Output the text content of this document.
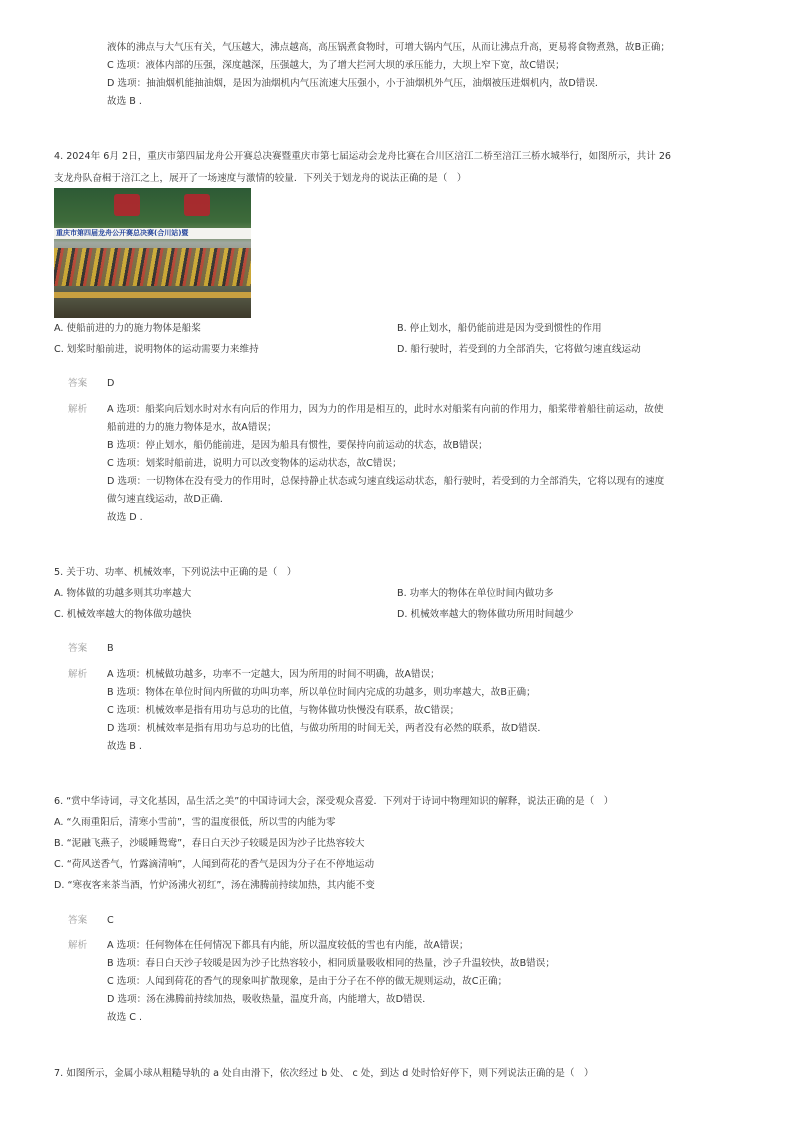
液体的沸点与大气压有关，气压越大，沸点越高，高压锅煮食物时，可增大锅内气压，从而让沸点升高，更易将食物煮熟，故B正确；
C 选项：液体内部的压强，深度越深，压强越大，为了增大拦河大坝的承压能力，大坝上窄下宽，故C错误；
D 选项：抽油烟机能抽油烟，是因为油烟机内气压流速大压强小，小于油烟机外气压，油烟被压进烟机内，故D错误．
故选 B .
4. 2024年 6月 2日，重庆市第四届龙舟公开赛总决赛暨重庆市第七届运动会龙舟比赛在合川区涪江二桥至涪江三桥水城举行，如图所示，共计 26
支龙舟队奋楫于涪江之上，展开了一场速度与激情的较量．下列关于划龙舟的说法正确的是（　）
重庆市第四届龙舟公开赛总决赛(合川站)暨
A. 使船前进的力的施力物体是船桨	B. 停止划水，船仍能前进是因为受到惯性的作用
C. 划桨时船前进，说明物体的运动需要力来维持	D. 船行驶时，若受到的力全部消失，它将做匀速直线运动
答案 D
解析 A 选项：船桨向后划水时对水有向后的作用力，因为力的作用是相互的，此时水对船桨有向前的作用力，船桨带着船往前运动，故使
船前进的力的施力物体是水，故A错误；
B 选项：停止划水，船仍能前进，是因为船具有惯性，要保持向前运动的状态，故B错误；
C 选项：划桨时船前进，说明力可以改变物体的运动状态，故C错误；
D 选项：一切物体在没有受力的作用时，总保持静止状态或匀速直线运动状态，船行驶时，若受到的力全部消失，它将以现有的速度
做匀速直线运动，故D正确．
故选 D .
5. 关于功、功率、机械效率，下列说法中正确的是（　）
A. 物体做的功越多则其功率越大	B. 功率大的物体在单位时间内做功多
C. 机械效率越大的物体做功越快	D. 机械效率越大的物体做功所用时间越少
答案 B
解析 A 选项：机械做功越多，功率不一定越大，因为所用的时间不明确，故A错误；
B 选项：物体在单位时间内所做的功叫功率，所以单位时间内完成的功越多，则功率越大，故B正确；
C 选项：机械效率是指有用功与总功的比值，与物体做功快慢没有联系，故C错误；
D 选项：机械效率是指有用功与总功的比值，与做功所用的时间无关，两者没有必然的联系，故D错误．
故选 B .
6. “赏中华诗词，寻文化基因，品生活之美”的中国诗词大会，深受观众喜爱．下列对于诗词中物理知识的解释，说法正确的是（　）
A. “久雨重阳后，清寒小雪前”，雪的温度很低，所以雪的内能为零
B. “泥融飞燕子，沙暖睡鸳鸯”，春日白天沙子较暖是因为沙子比热容较大
C. “荷风送香气，竹露滴清响”，人闻到荷花的香气是因为分子在不停地运动
D. “寒夜客来茶当酒，竹炉汤沸火初红”，汤在沸腾前持续加热，其内能不变
答案 C
解析 A 选项：任何物体在任何情况下都具有内能，所以温度较低的雪也有内能，故A错误；
B 选项：春日白天沙子较暖是因为沙子比热容较小，相同质量吸收相同的热量，沙子升温较快，故B错误；
C 选项：人闻到荷花的香气的现象叫扩散现象，是由于分子在不停的做无规则运动，故C正确；
D 选项：汤在沸腾前持续加热，吸收热量，温度升高，内能增大，故D错误．
故选 C .
7. 如图所示，金属小球从粗糙导轨的 a 处自由滑下，依次经过 b 处、 c 处，到达 d 处时恰好停下，则下列说法正确的是（　）
